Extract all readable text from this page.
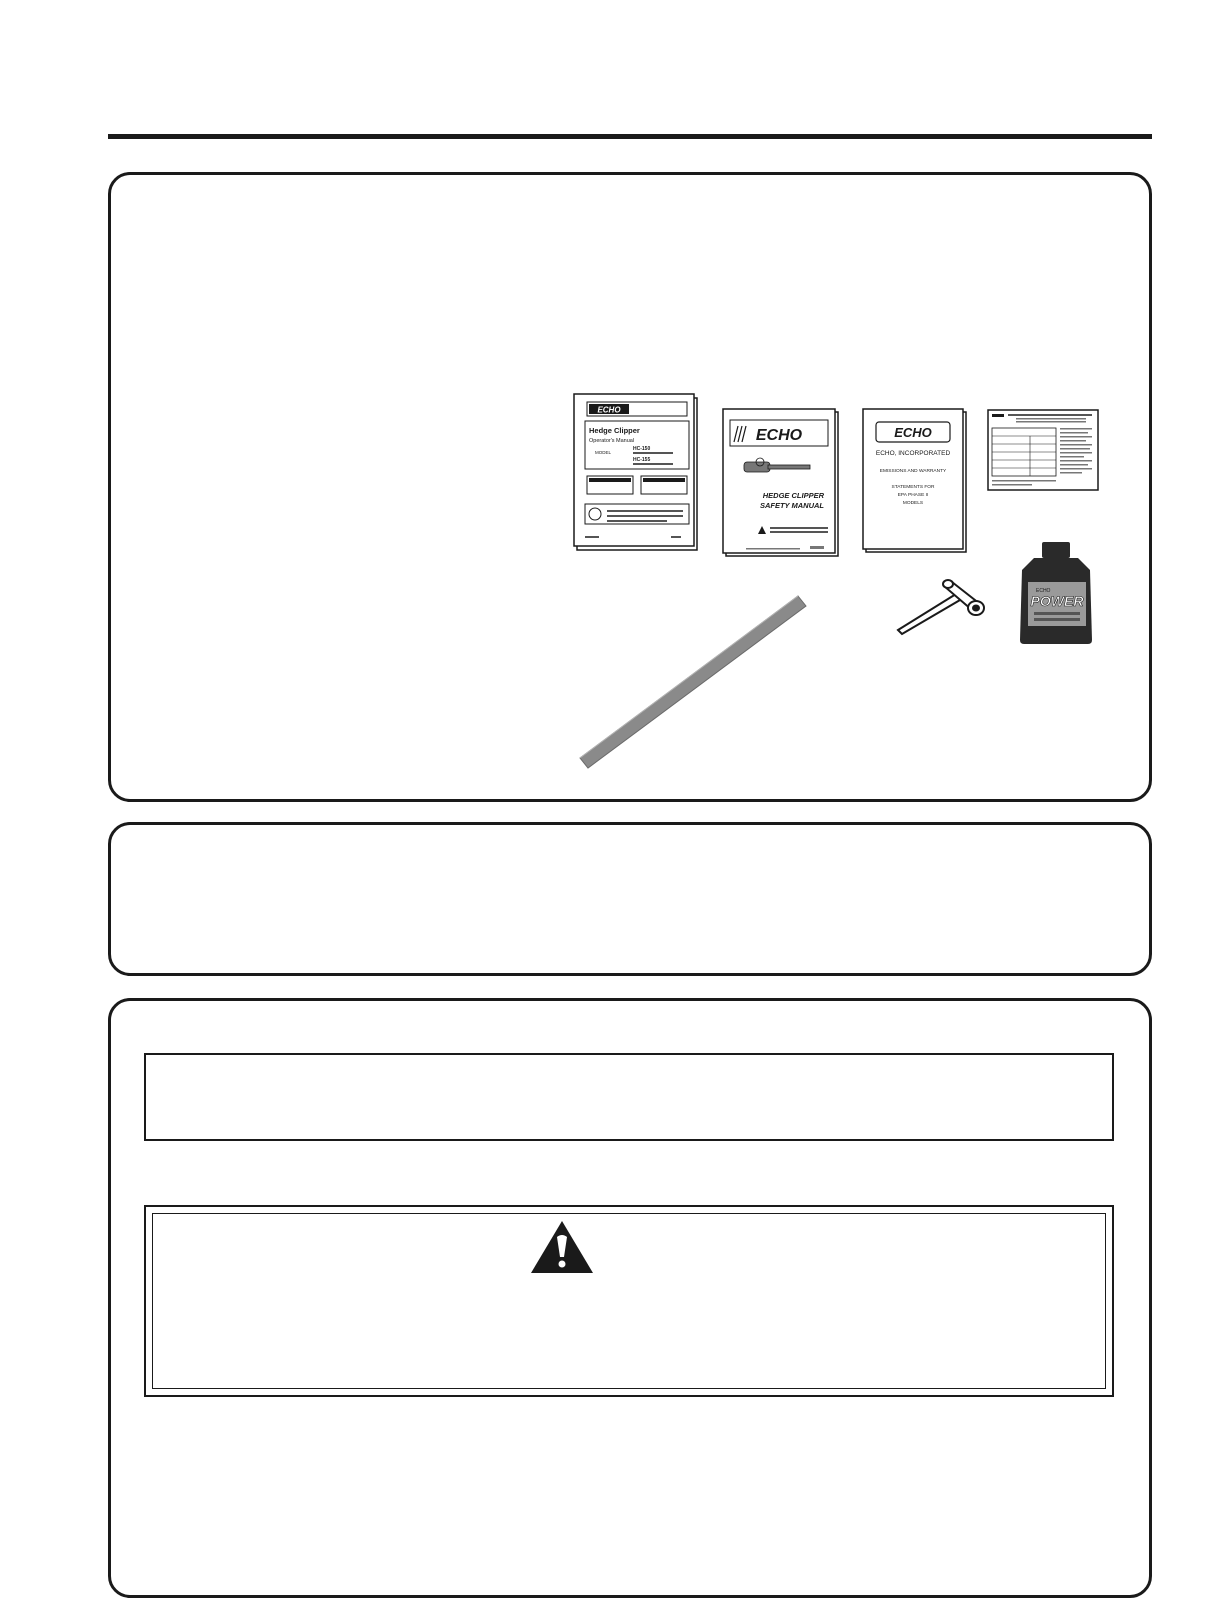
ECHO
Hedge Clipper
Operator's Manual
MODEL
HC-150
HC-155
ECHO
HEDGE CLIPPER
SAFETY MANUAL
ECHO
ECHO, INCORPORATED
EMISSIONS AND WARRANTY
STATEMENTS FOR
EPA PHASE II
MODELS
ECHO
POWER
